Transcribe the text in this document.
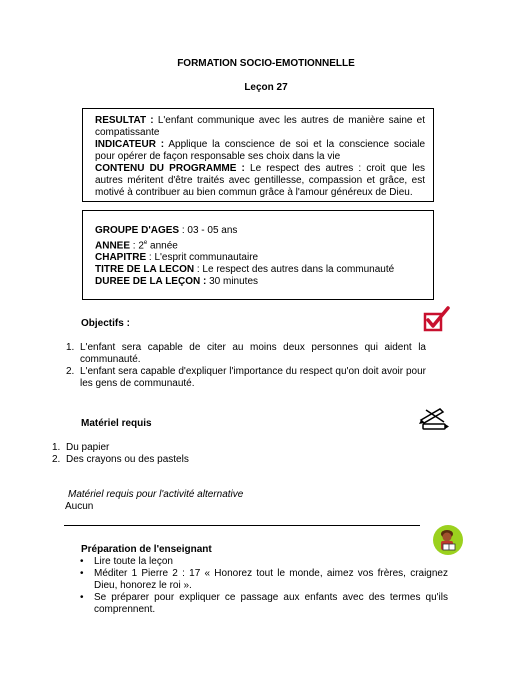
FORMATION SOCIO-EMOTIONNELLE
Leçon 27

RESULTAT : L'enfant communique avec les autres de manière saine et compatissante

INDICATEUR : Applique la conscience de soi et la conscience sociale pour opérer de façon responsable ses choix dans la vie

CONTENU DU PROGRAMME : Le respect des autres : croit que les autres méritent d'être traités avec gentillesse, compassion et grâce, est motivé à contribuer au bien commun grâce à l'amour généreux de Dieu.

GROUPE D'AGES : 03 - 05 ans

ANNEE : 2e année

CHAPITRE : L'esprit communautaire

TITRE DE LA LECON : Le respect des autres dans la communauté

DUREE DE LA LEÇON : 30 minutes

Objectifs :
1. L'enfant sera capable de citer au moins deux personnes qui aident la communauté.
2. L'enfant sera capable d'expliquer l'importance du respect qu'on doit avoir pour les gens de communauté.
Matériel requis
1. Du papier
2. Des crayons ou des pastels
Matériel requis pour l'activité alternative
Aucun
Préparation de l'enseignant
• Lire toute la leçon
• Méditer 1 Pierre 2 : 17 « Honorez tout le monde, aimez vos frères, craignez Dieu, honorez le roi ».
• Se préparer pour expliquer ce passage aux enfants avec des termes qu'ils comprennent.
